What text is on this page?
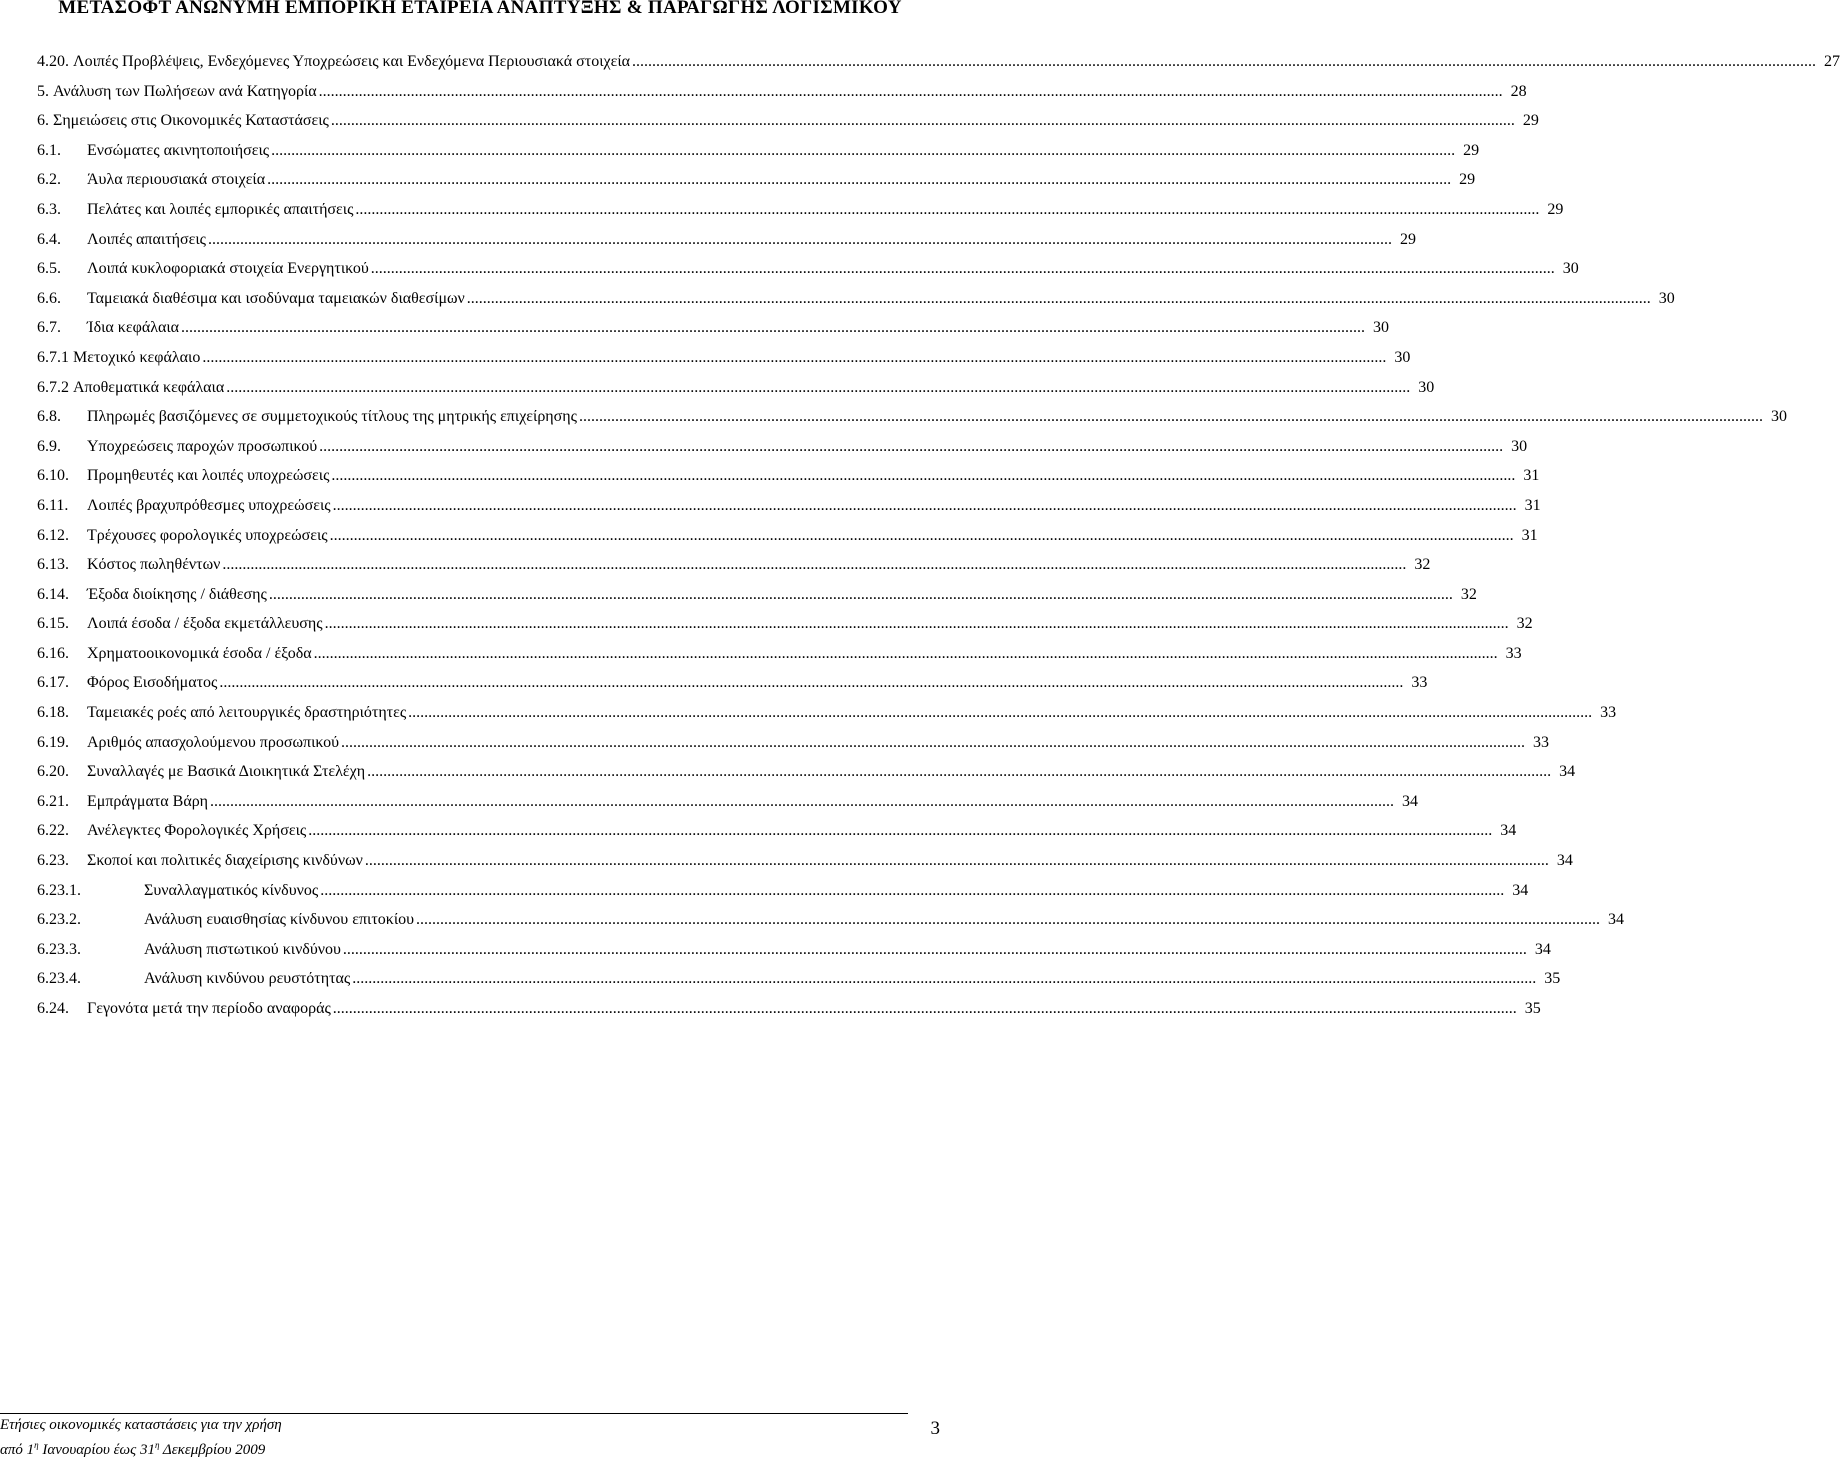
ΜΕΤΑΣΟΦΤ ΑΝΩΝΥΜΗ ΕΜΠΟΡΙΚΗ ΕΤΑΙΡΕΙΑ ΑΝΑΠΤΥΞΗΣ & ΠΑΡΑΓΩΓΗΣ ΛΟΓΙΣΜΙΚΟΥ
4.20. Λοιπές Προβλέψεις, Ενδεχόμενες Υποχρεώσεις και Ενδεχόμενα Περιουσιακά στοιχεία .....	27
5. Ανάλυση των Πωλήσεων ανά Κατηγορία .....	28
6. Σημειώσεις στις Οικονομικές Καταστάσεις .....	29
6.1.	Ενσώματες ακινητοποιήσεις .....	29
6.2.	Άυλα περιουσιακά στοιχεία .....	29
6.3.	Πελάτες και λοιπές εμπορικές απαιτήσεις .....	29
6.4.	Λοιπές απαιτήσεις .....	29
6.5.	Λοιπά κυκλοφοριακά στοιχεία Ενεργητικού .....	30
6.6.	Ταμειακά διαθέσιμα και ισοδύναμα ταμειακών διαθεσίμων .....	30
6.7.	Ίδια κεφάλαια .....	30
6.7.1 Μετοχικό κεφάλαιο .....	30
6.7.2 Αποθεματικά κεφάλαια .....	30
6.8.	Πληρωμές βασιζόμενες σε συμμετοχικούς τίτλους της μητρικής επιχείρησης .....	30
6.9.	Υποχρεώσεις παροχών προσωπικού .....	30
6.10.	Προμηθευτές και λοιπές υποχρεώσεις .....	31
6.11.	Λοιπές βραχυπρόθεσμες υποχρεώσεις .....	31
6.12.	Τρέχουσες φορολογικές υποχρεώσεις .....	31
6.13.	Κόστος πωληθέντων .....	32
6.14.	Έξοδα διοίκησης / διάθεσης .....	32
6.15.	Λοιπά έσοδα / έξοδα εκμετάλλευσης .....	32
6.16.	Χρηματοοικονομικά έσοδα / έξοδα .....	33
6.17.	Φόρος Εισοδήματος .....	33
6.18.	Ταμειακές ροές από λειτουργικές δραστηριότητες .....	33
6.19.	Αριθμός απασχολούμενου προσωπικού .....	33
6.20.	Συναλλαγές με Βασικά Διοικητικά Στελέχη .....	34
6.21.	Εμπράγματα Βάρη .....	34
6.22.	Ανέλεγκτες Φορολογικές Χρήσεις .....	34
6.23.	Σκοποί και πολιτικές διαχείρισης κινδύνων .....	34
6.23.1.	Συναλλαγματικός κίνδυνος .....	34
6.23.2.	Ανάλυση ευαισθησίας κίνδυνου επιτοκίου .....	34
6.23.3.	Ανάλυση πιστωτικού κινδύνου .....	34
6.23.4.	Ανάλυση κινδύνου ρευστότητας .....	35
6.24.	Γεγονότα μετά την περίοδο αναφοράς .....	35
Ετήσιες οικονομικές καταστάσεις για την χρήση
από $1^\eta$ Ιανουαρίου έως $31^\eta$ Δεκεμβρίου 2009
3
